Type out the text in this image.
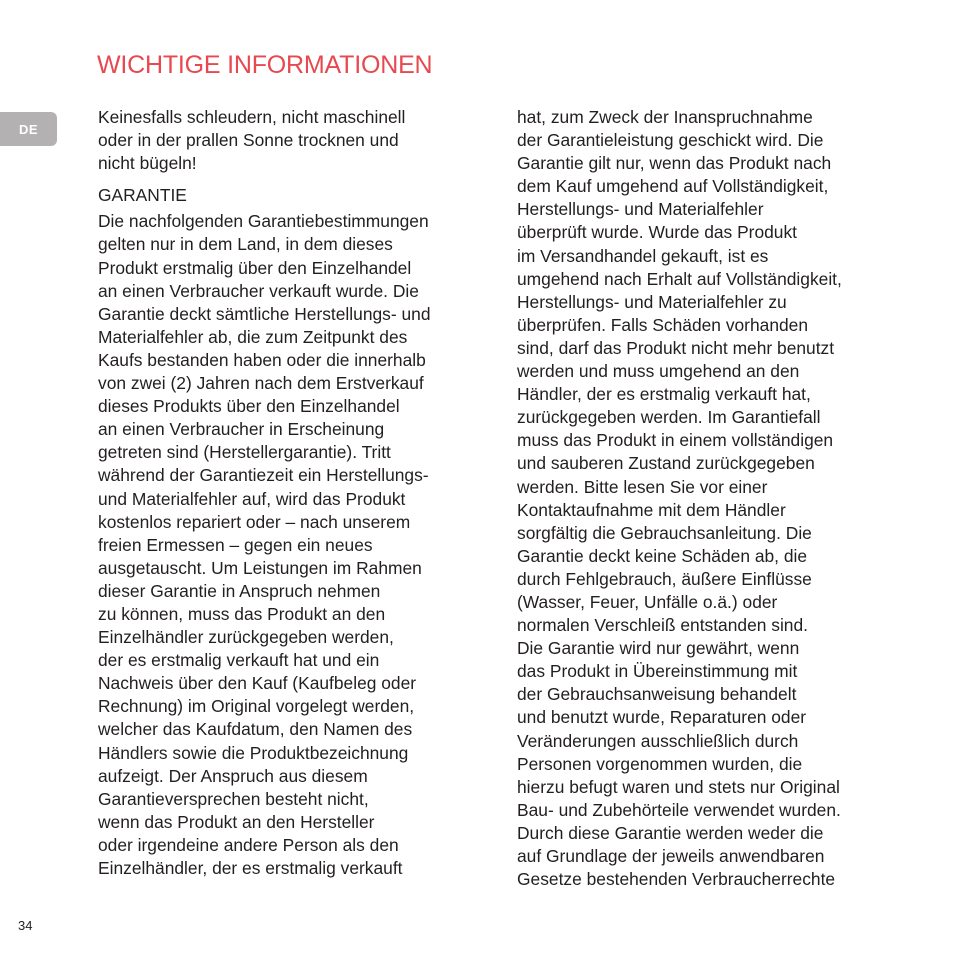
WICHTIGE INFORMATIONEN
DE
Keinesfalls schleudern, nicht maschinell
oder in der prallen Sonne trocknen und
nicht bügeln!
GARANTIE
Die nachfolgenden Garantiebestimmungen
gelten nur in dem Land, in dem dieses
Produkt erstmalig über den Einzelhandel
an einen Verbraucher verkauft wurde. Die
Garantie deckt sämtliche Herstellungs- und
Materialfehler ab, die zum Zeitpunkt des
Kaufs bestanden haben oder die innerhalb
von zwei (2) Jahren nach dem Erstverkauf
dieses Produkts über den Einzelhandel
an einen Verbraucher in Erscheinung
getreten sind (Herstellergarantie). Tritt
während der Garantiezeit ein Herstellungs-
und Materialfehler auf, wird das Produkt
kostenlos repariert oder – nach unserem
freien Ermessen – gegen ein neues
ausgetauscht. Um Leistungen im Rahmen
dieser Garantie in Anspruch nehmen
zu können, muss das Produkt an den
Einzelhändler zurückgegeben werden,
der es erstmalig verkauft hat und ein
Nachweis über den Kauf (Kaufbeleg oder
Rechnung) im Original vorgelegt werden,
welcher das Kaufdatum, den Namen des
Händlers sowie die Produktbezeichnung
aufzeigt. Der Anspruch aus diesem
Garantieversprechen besteht nicht,
wenn das Produkt an den Hersteller
oder irgendeine andere Person als den
Einzelhändler, der es erstmalig verkauft
hat, zum Zweck der Inanspruchnahme
der Garantieleistung geschickt wird. Die
Garantie gilt nur, wenn das Produkt nach
dem Kauf umgehend auf Vollständigkeit,
Herstellungs- und Materialfehler
überprüft wurde. Wurde das Produkt
im Versandhandel gekauft, ist es
umgehend nach Erhalt auf Vollständigkeit,
Herstellungs- und Materialfehler zu
überprüfen. Falls Schäden vorhanden
sind, darf das Produkt nicht mehr benutzt
werden und muss umgehend an den
Händler, der es erstmalig verkauft hat,
zurückgegeben werden. Im Garantiefall
muss das Produkt in einem vollständigen
und sauberen Zustand zurückgegeben
werden. Bitte lesen Sie vor einer
Kontaktaufnahme mit dem Händler
sorgfältig die Gebrauchsanleitung. Die
Garantie deckt keine Schäden ab, die
durch Fehlgebrauch, äußere Einflüsse
(Wasser, Feuer, Unfälle o.ä.) oder
normalen Verschleiß entstanden sind.
Die Garantie wird nur gewährt, wenn
das Produkt in Übereinstimmung mit
der Gebrauchsanweisung behandelt
und benutzt wurde, Reparaturen oder
Veränderungen ausschließlich durch
Personen vorgenommen wurden, die
hierzu befugt waren und stets nur Original
Bau- und Zubehörteile verwendet wurden.
Durch diese Garantie werden weder die
auf Grundlage der jeweils anwendbaren
Gesetze bestehenden Verbraucherrechte
34
